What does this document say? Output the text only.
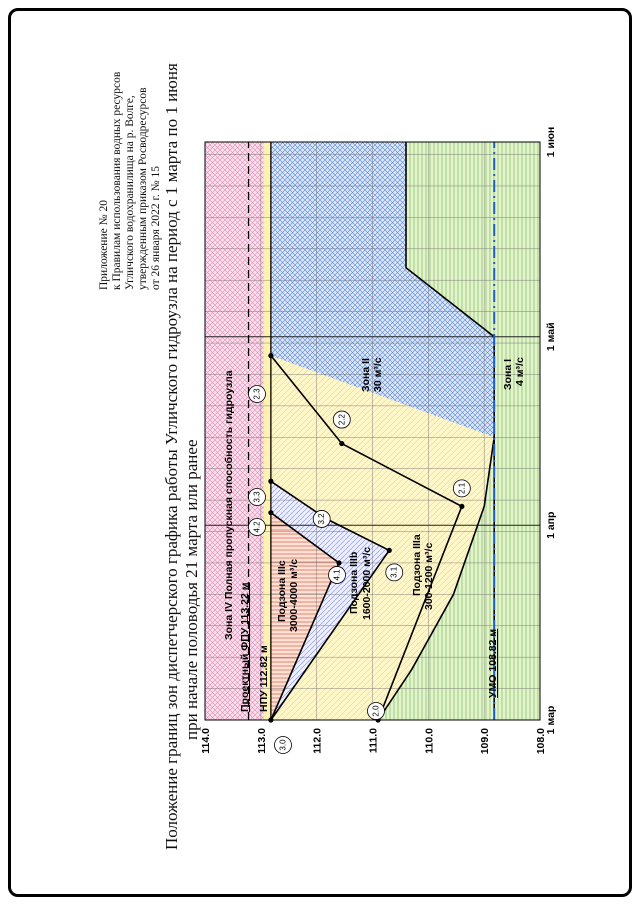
Приложение № 20 к Правилам использования водных ресурсов Угличского водохранилища на р. Волге, утвержденным приказом Росводресурсов от 26 января 2022 г. № 15 Положение границ зон диспетчерского графика работы Угличского гидроузла на период с 1 марта по 1 июня при начале половодья 21 марта или ранее
3.0
2.0
4.1	3.1
3.2
4.2
3.3
2.1
2.2
2.3
1 мар
1 апр
1 май
1 июн
108.0
109.0
110.0
111.0
112.0
113.0
114.0
Проектный ФПУ 113.22 м НПУ 112.82 м	УМО 108.82 м
Зона IV Полная пропускная способность гидроузла	Зона II 30 м³/с	Зона I 4 м³/с
Подзона IIIa 300-1200 м³/с
Подзона IIIb 1600-2000 м³/с
Подзона IIIc 3000-4000 м³/с
